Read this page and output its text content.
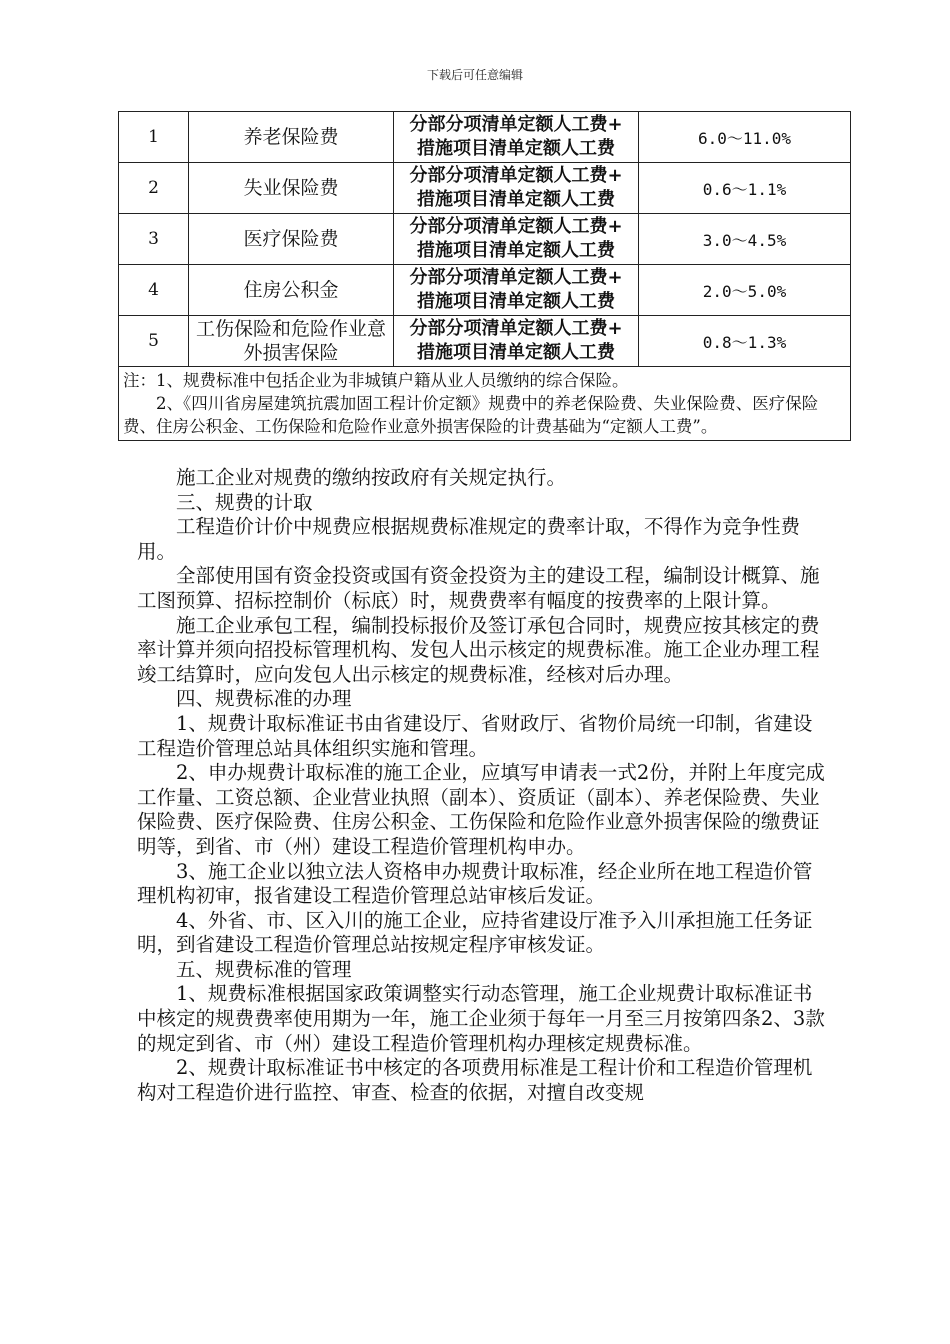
下载后可任意编辑
1	养老保险费	分部分项清单定额人工费+
措施项目清单定额人工费	6.0～11.0%
2	失业保险费	分部分项清单定额人工费+
措施项目清单定额人工费	0.6～1.1%
3	医疗保险费	分部分项清单定额人工费+
措施项目清单定额人工费	3.0～4.5%
4	住房公积金	分部分项清单定额人工费+
措施项目清单定额人工费	2.0～5.0%
5	工伤保险和危险作业意外损害保险	分部分项清单定额人工费+
措施项目清单定额人工费	0.8～1.3%

注：1、规费标准中包括企业为非城镇户籍从业人员缴纳的综合保险。

2、《四川省房屋建筑抗震加固工程计价定额》规费中的养老保险费、失业保险费、医疗保险费、住房公积金、工伤保险和危险作业意外损害保险的计费基础为“定额人工费”。			

施工企业对规费的缴纳按政府有关规定执行。

三、规费的计取

工程造价计价中规费应根据规费标准规定的费率计取，不得作为竞争性费用。

全部使用国有资金投资或国有资金投资为主的建设工程，编制设计概算、施工图预算、招标控制价（标底）时，规费费率有幅度的按费率的上限计算。

施工企业承包工程，编制投标报价及签订承包合同时，规费应按其核定的费率计算并须向招投标管理机构、发包人出示核定的规费标准。施工企业办理工程竣工结算时，应向发包人出示核定的规费标准，经核对后办理。

四、规费标准的办理

1、规费计取标准证书由省建设厅、省财政厅、省物价局统一印制，省建设工程造价管理总站具体组织实施和管理。

2、申办规费计取标准的施工企业，应填写申请表一式2份，并附上年度完成工作量、工资总额、企业营业执照（副本）、资质证（副本）、养老保险费、失业保险费、医疗保险费、住房公积金、工伤保险和危险作业意外损害保险的缴费证明等，到省、市（州）建设工程造价管理机构申办。

3、施工企业以独立法人资格申办规费计取标准，经企业所在地工程造价管理机构初审，报省建设工程造价管理总站审核后发证。

4、外省、市、区入川的施工企业，应持省建设厅准予入川承担施工任务证明，到省建设工程造价管理总站按规定程序审核发证。

五、规费标准的管理

1、规费标准根据国家政策调整实行动态管理，施工企业规费计取标准证书中核定的规费费率使用期为一年，施工企业须于每年一月至三月按第四条2、3款的规定到省、市（州）建设工程造价管理机构办理核定规费标准。

2、规费计取标准证书中核定的各项费用标准是工程计价和工程造价管理机构对工程造价进行监控、审查、检查的依据，对擅自改变规
